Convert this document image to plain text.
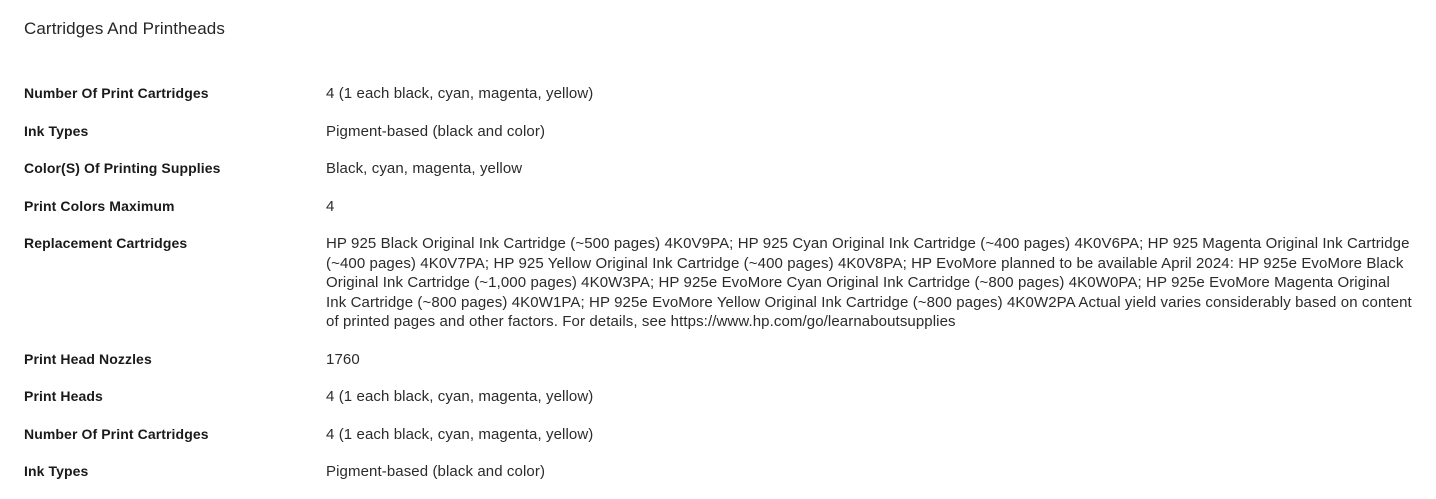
Cartridges And Printheads
Number Of Print Cartridges	4 (1 each black, cyan, magenta, yellow)
Ink Types	Pigment-based (black and color)
Color(S) Of Printing Supplies	Black, cyan, magenta, yellow
Print Colors Maximum	4
Replacement Cartridges	HP 925 Black Original Ink Cartridge (~500 pages) 4K0V9PA; HP 925 Cyan Original Ink Cartridge (~400 pages) 4K0V6PA; HP 925 Magenta Original Ink Cartridge (~400 pages) 4K0V7PA; HP 925 Yellow Original Ink Cartridge (~400 pages) 4K0V8PA; HP EvoMore planned to be available April 2024: HP 925e EvoMore Black Original Ink Cartridge (~1,000 pages) 4K0W3PA; HP 925e EvoMore Cyan Original Ink Cartridge (~800 pages) 4K0W0PA; HP 925e EvoMore Magenta Original Ink Cartridge (~800 pages) 4K0W1PA; HP 925e EvoMore Yellow Original Ink Cartridge (~800 pages) 4K0W2PA Actual yield varies considerably based on content of printed pages and other factors. For details, see https://www.hp.com/go/learnaboutsupplies
Print Head Nozzles	1760
Print Heads	4 (1 each black, cyan, magenta, yellow)
Number Of Print Cartridges	4 (1 each black, cyan, magenta, yellow)
Ink Types	Pigment-based (black and color)
